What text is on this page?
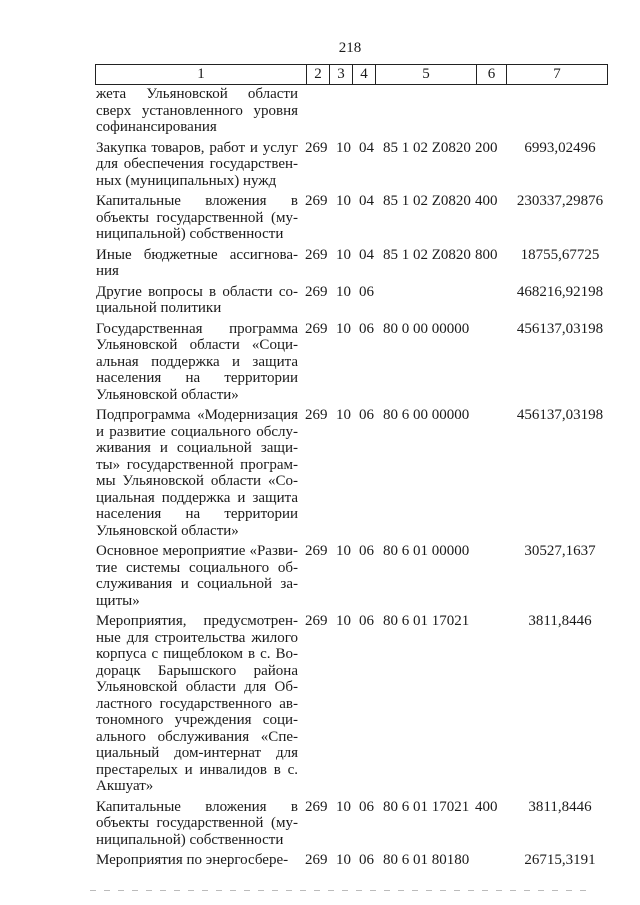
218
1	2	3	4	5	6	7
жета Ульяновской области
сверх установленного уровня
софинансирования
Закупка товаров, работ и услуг
для обеспечения государствен-
ных (муниципальных) нужд
269 10 04 85 1 02 Z0820 200	6993,02496
Капитальные вложения в
объекты государственной (му-
ниципальной) собственности
269 10 04 85 1 02 Z0820 400	230337,29876
Иные бюджетные ассигнова-
ния
269 10 04 85 1 02 Z0820 800	18755,67725
Другие вопросы в области со-
циальной политики
269 10 06	468216,92198
Государственная программа
Ульяновской области «Соци-
альная поддержка и защита
населения на территории
Ульяновской области»
269 10 06 80 0 00 00000	456137,03198
Подпрограмма «Модернизация
и развитие социального обслу-
живания и социальной защи-
ты» государственной програм-
мы Ульяновской области «Со-
циальная поддержка и защита
населения на территории
Ульяновской области»
269 10 06 80 6 00 00000	456137,03198
Основное мероприятие «Разви-
тие системы социального об-
служивания и социальной за-
щиты»
269 10 06 80 6 01 00000	30527,1637
Мероприятия, предусмотрен-
ные для строительства жилого
корпуса с пищеблоком в с. Во-
дорацк Барышского района
Ульяновской области для Об-
ластного государственного ав-
тономного учреждения соци-
ального обслуживания «Спе-
циальный дом-интернат для
престарелых и инвалидов в с.
Акшуат»
269 10 06 80 6 01 17021	3811,8446
Капитальные вложения в
объекты государственной (му-
ниципальной) собственности
269 10 06 80 6 01 17021 400	3811,8446
Мероприятия по энергосбере-	269 10 06 80 6 01 80180	26715,3191
